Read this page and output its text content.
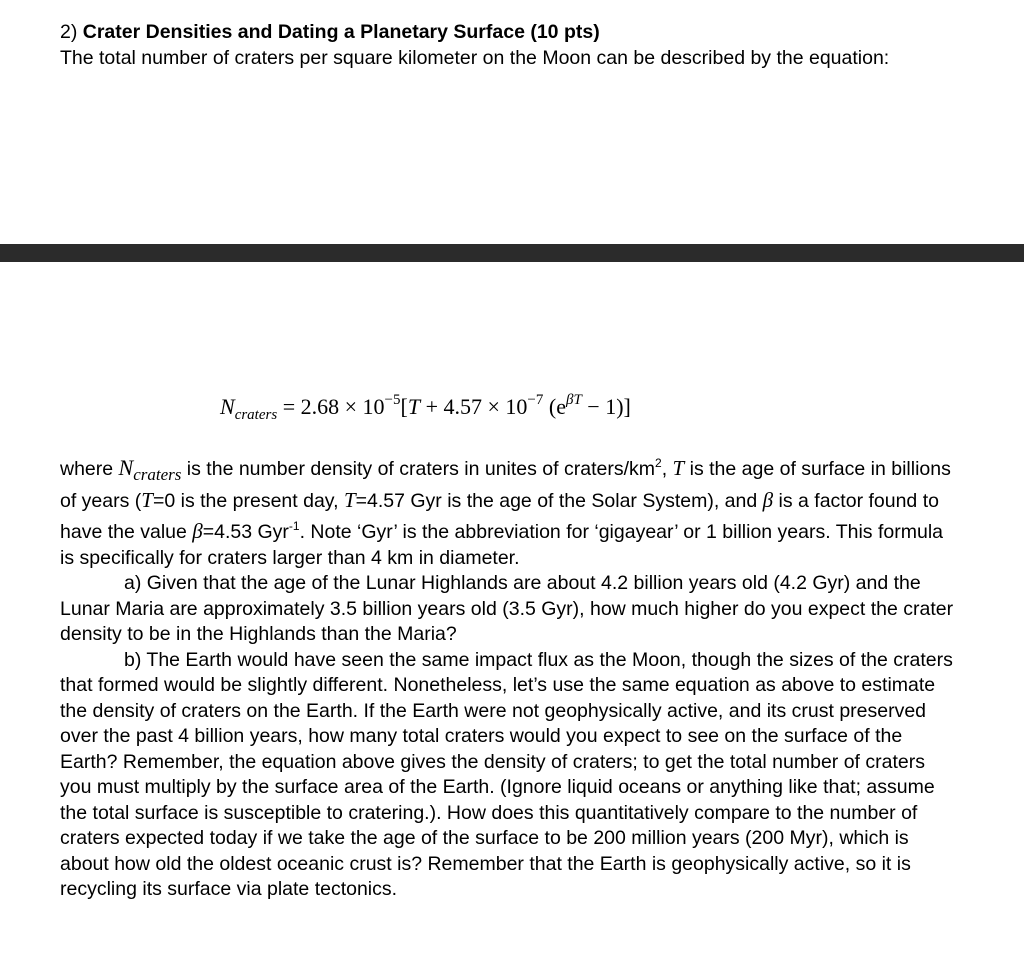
2) Crater Densities and Dating a Planetary Surface (10 pts)

The total number of craters per square kilometer on the Moon can be described by the equation:

$N_{craters} = 2.68 \times 10^{-5}[T + 4.57 \times 10^{-7}$ $(e^{\beta T} - 1)$]

where Ncraters is the number density of craters in unites of craters/$km^2$, T is the age of surface in billions of years (T=0 is the present day, T=4.57 Gyr is the age of the Solar System), and β is a factor found to have the value β=4.53 Gyr$^{-1}$. Note ‘Gyr’ is the abbreviation for ‘gigayear’ or 1 billion years. This formula is specifically for craters larger than 4 km in diameter.

a) Given that the age of the Lunar Highlands are about 4.2 billion years old (4.2 Gyr) and the Lunar Maria are approximately 3.5 billion years old (3.5 Gyr), how much higher do you expect the crater density to be in the Highlands than the Maria?

b) The Earth would have seen the same impact flux as the Moon, though the sizes of the craters that formed would be slightly different. Nonetheless, let’s use the same equation as above to estimate the density of craters on the Earth. If the Earth were not geophysically active, and its crust preserved over the past 4 billion years, how many total craters would you expect to see on the surface of the Earth? Remember, the equation above gives the density of craters; to get the total number of craters you must multiply by the surface area of the Earth. (Ignore liquid oceans or anything like that; assume the total surface is susceptible to cratering.). How does this quantitatively compare to the number of craters expected today if we take the age of the surface to be 200 million years (200 Myr), which is about how old the oldest oceanic crust is? Remember that the Earth is geophysically active, so it is recycling its surface via plate tectonics.
